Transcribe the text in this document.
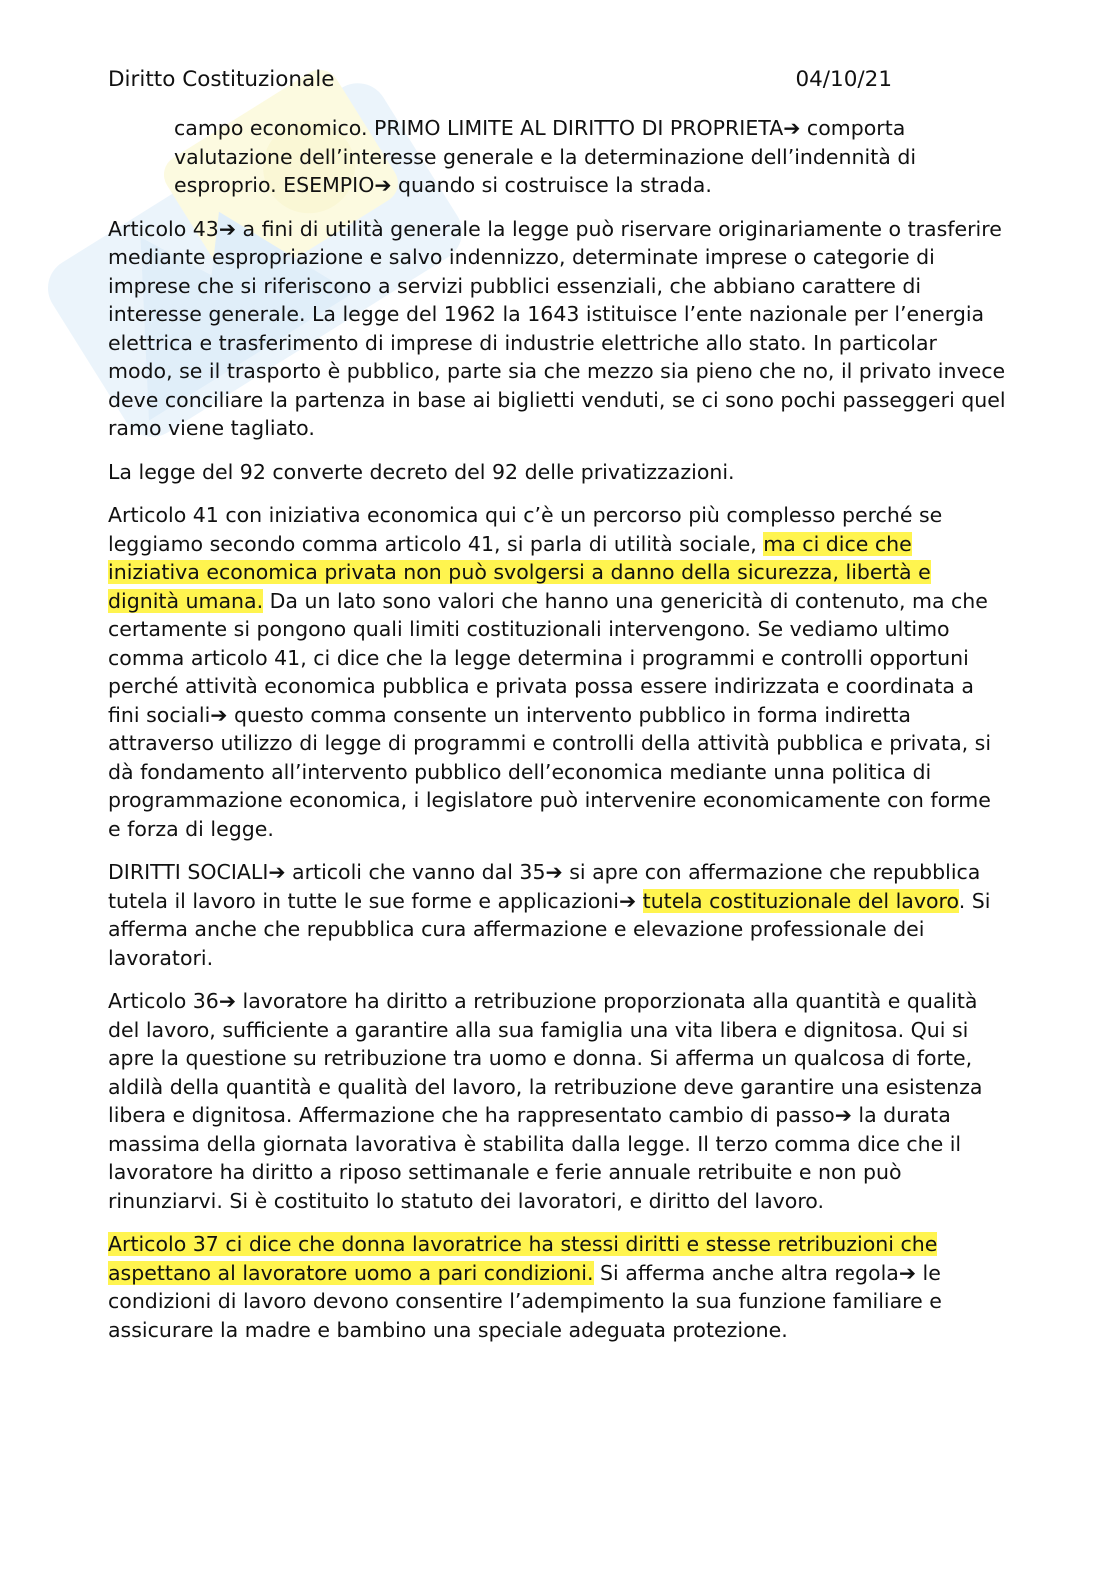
Diritto Costituzionale	04/10/21

campo economico. PRIMO LIMITE AL DIRITTO DI PROPRIETA➔ comporta valutazione dell’interesse generale e la determinazione dell’indennità di esproprio. ESEMPIO➔ quando si costruisce la strada.

Articolo 43➔ a fini di utilità generale la legge può riservare originariamente o trasferire mediante espropriazione e salvo indennizzo, determinate imprese o categorie di imprese che si riferiscono a servizi pubblici essenziali, che abbiano carattere di interesse generale. La legge del 1962 la 1643 istituisce l’ente nazionale per l’energia elettrica e trasferimento di imprese di industrie elettriche allo stato. In particolar modo, se il trasporto è pubblico, parte sia che mezzo sia pieno che no, il privato invece deve conciliare la partenza in base ai biglietti venduti, se ci sono pochi passeggeri quel ramo viene tagliato.

La legge del 92 converte decreto del 92 delle privatizzazioni.

Articolo 41 con iniziativa economica qui c’è un percorso più complesso perché se leggiamo secondo comma articolo 41, si parla di utilità sociale, ma ci dice che iniziativa economica privata non può svolgersi a danno della sicurezza, libertà e dignità umana. Da un lato sono valori che hanno una genericità di contenuto, ma che certamente si pongono quali limiti costituzionali intervengono. Se vediamo ultimo comma articolo 41, ci dice che la legge determina i programmi e controlli opportuni perché attività economica pubblica e privata possa essere indirizzata e coordinata a fini sociali➔ questo comma consente un intervento pubblico in forma indiretta attraverso utilizzo di legge di programmi e controlli della attività pubblica e privata, si dà fondamento all’intervento pubblico dell’economica mediante unna politica di programmazione economica, i legislatore può intervenire economicamente con forme e forza di legge.

DIRITTI SOCIALI➔ articoli che vanno dal 35➔ si apre con affermazione che repubblica tutela il lavoro in tutte le sue forme e applicazioni➔ tutela costituzionale del lavoro. Si afferma anche che repubblica cura affermazione e elevazione professionale dei lavoratori.

Articolo 36➔ lavoratore ha diritto a retribuzione proporzionata alla quantità e qualità del lavoro, sufficiente a garantire alla sua famiglia una vita libera e dignitosa. Qui si apre la questione su retribuzione tra uomo e donna. Si afferma un qualcosa di forte, aldilà della quantità e qualità del lavoro, la retribuzione deve garantire una esistenza libera e dignitosa. Affermazione che ha rappresentato cambio di passo➔ la durata massima della giornata lavorativa è stabilita dalla legge. Il terzo comma dice che il lavoratore ha diritto a riposo settimanale e ferie annuale retribuite e non può rinunziarvi. Si è costituito lo statuto dei lavoratori, e diritto del lavoro.

Articolo 37 ci dice che donna lavoratrice ha stessi diritti e stesse retribuzioni che aspettano al lavoratore uomo a pari condizioni. Si afferma anche altra regola➔ le condizioni di lavoro devono consentire l’adempimento la sua funzione familiare e assicurare la madre e bambino una speciale adeguata protezione.
